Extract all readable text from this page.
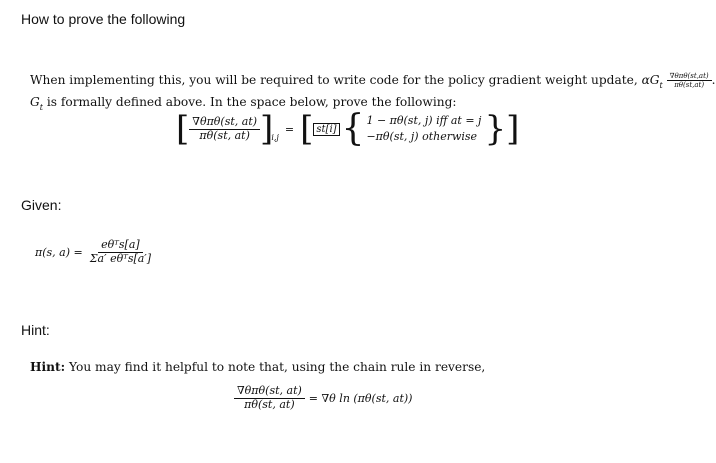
How to prove the following
When implementing this, you will be required to write code for the policy gradient weight update, $\alpha G_t \frac{\text{∇θπθ(st,at)}}{\pi\theta(st,at)}$ .
$G_t$ is formally defined above. In the space below, prove the following:
[ $\frac{\text{∇θπθ(st, at)}}{\pi\theta(st, at)}$ ]
i,j
= [ st[i] { 1 − πθ(st, j) iff at = j
−πθ(st, j) otherwise } ]
Given:
π(s, $a) = \frac{\text{eθᵀs[a]}}{\text{Σa′ eθᵀs[a′]}}$
Hint:
Hint: You may find it helpful to note that, using the chain rule in reverse,
$\frac{\text{∇θπθ(st, at)}}{\pi\theta(st, at)} = \nabla\theta$ ln (πθ(st, at))
